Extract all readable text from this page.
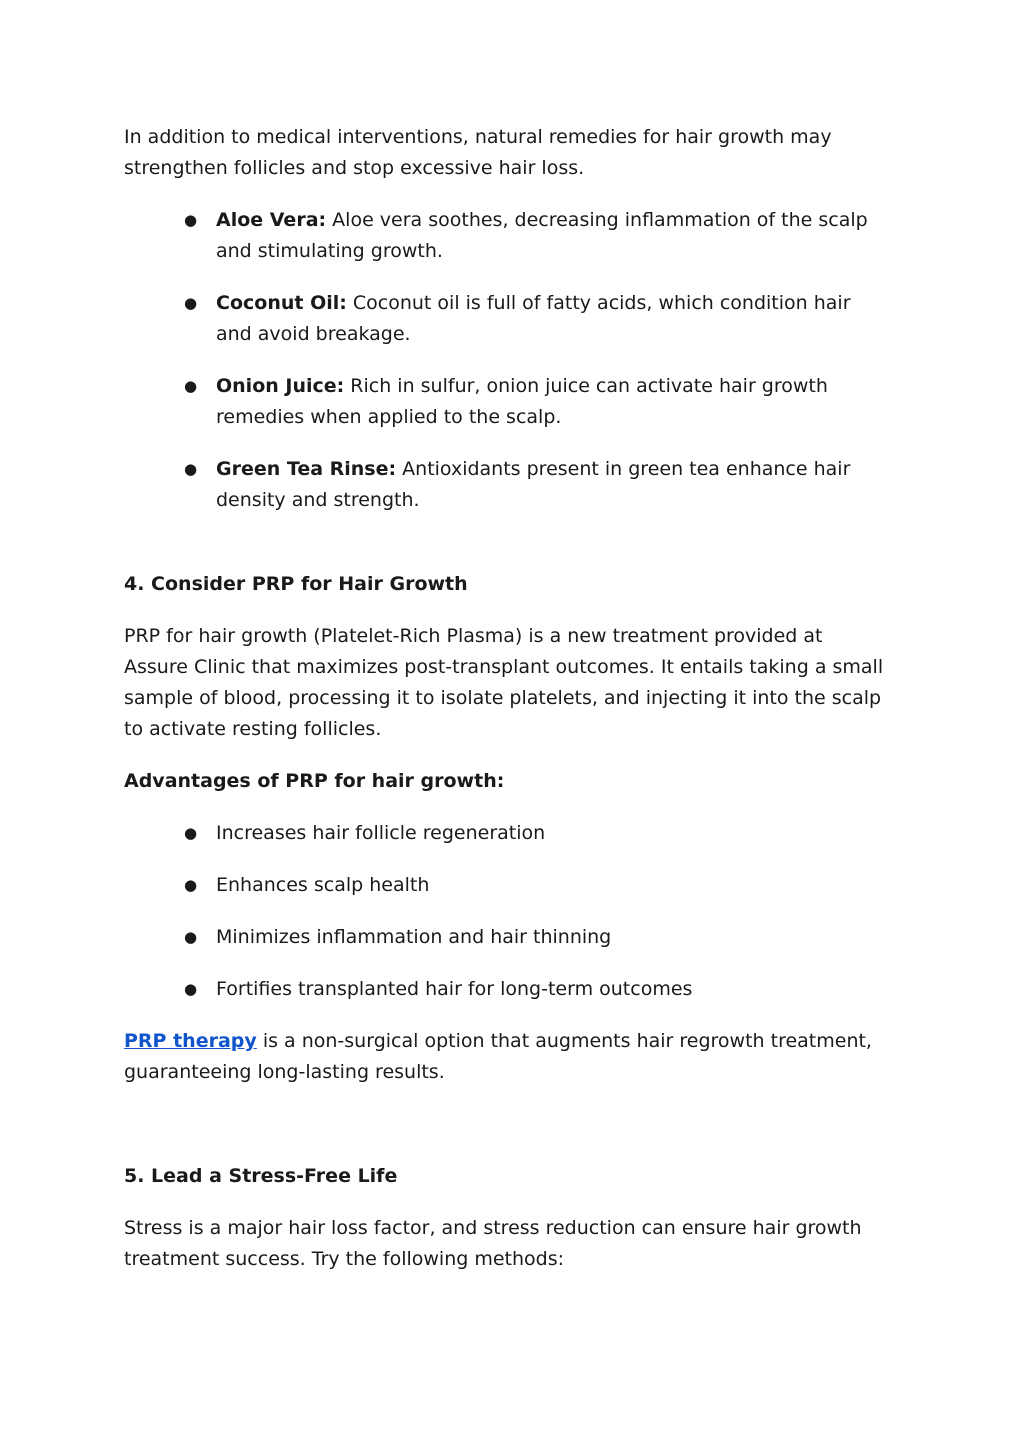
In addition to medical interventions, natural remedies for hair growth may strengthen follicles and stop excessive hair loss.

● Aloe Vera: Aloe vera soothes, decreasing inflammation of the scalp and stimulating growth.
● Coconut Oil: Coconut oil is full of fatty acids, which condition hair and avoid breakage.
● Onion Juice: Rich in sulfur, onion juice can activate hair growth remedies when applied to the scalp.
● Green Tea Rinse: Antioxidants present in green tea enhance hair density and strength.
4. Consider PRP for Hair Growth

PRP for hair growth (Platelet-Rich Plasma) is a new treatment provided at Assure Clinic that maximizes post-transplant outcomes. It entails taking a small sample of blood, processing it to isolate platelets, and injecting it into the scalp to activate resting follicles.

Advantages of PRP for hair growth:

● Increases hair follicle regeneration
● Enhances scalp health
● Minimizes inflammation and hair thinning
● Fortifies transplanted hair for long-term outcomes

PRP therapy is a non-surgical option that augments hair regrowth treatment, guaranteeing long-lasting results.

5. Lead a Stress-Free Life

Stress is a major hair loss factor, and stress reduction can ensure hair growth treatment success. Try the following methods:
